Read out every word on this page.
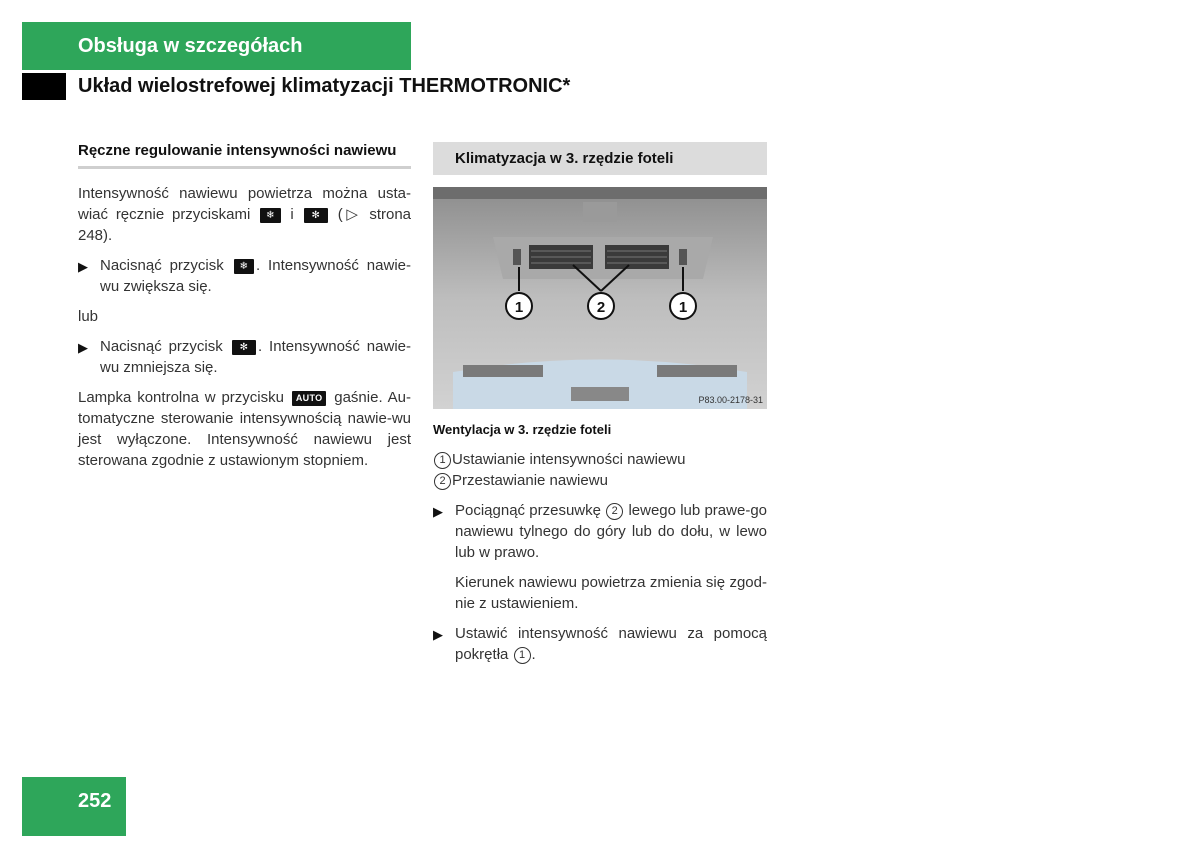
Obsługa w szczegółach
Układ wielostrefowej klimatyzacji THERMOTRONIC*
Ręczne regulowanie intensywności nawiewu

Intensywność nawiewu powietrza można usta-wiać ręcznie przyciskami ❄ i ✻ (▷ strona 248).

▶ Nacisnąć przycisk ❄ . Intensywność nawie-wu zwiększa się.

lub

▶ Nacisnąć przycisk ✻ . Intensywność nawie-wu zmniejsza się.

Lampka kontrolna w przycisku AUTO gaśnie. Au-tomatyczne sterowanie intensywnością nawie-wu jest wyłączone. Intensywność nawiewu jest sterowana zgodnie z ustawionym stopniem.

Klimatyzacja w 3. rzędzie foteli
1	2	1
P83.00-2178-31
Wentylacja w 3. rzędzie foteli
1 Ustawianie intensywności nawiewu
2 Przestawianie nawiewu
▶ Pociągnąć przesuwkę 2 lewego lub prawe-go nawiewu tylnego do góry lub do dołu, w lewo lub w prawo.

Kierunek nawiewu powietrza zmienia się zgod-nie z ustawieniem.

▶ Ustawić intensywność nawiewu za pomocą pokrętła 1 .
252
